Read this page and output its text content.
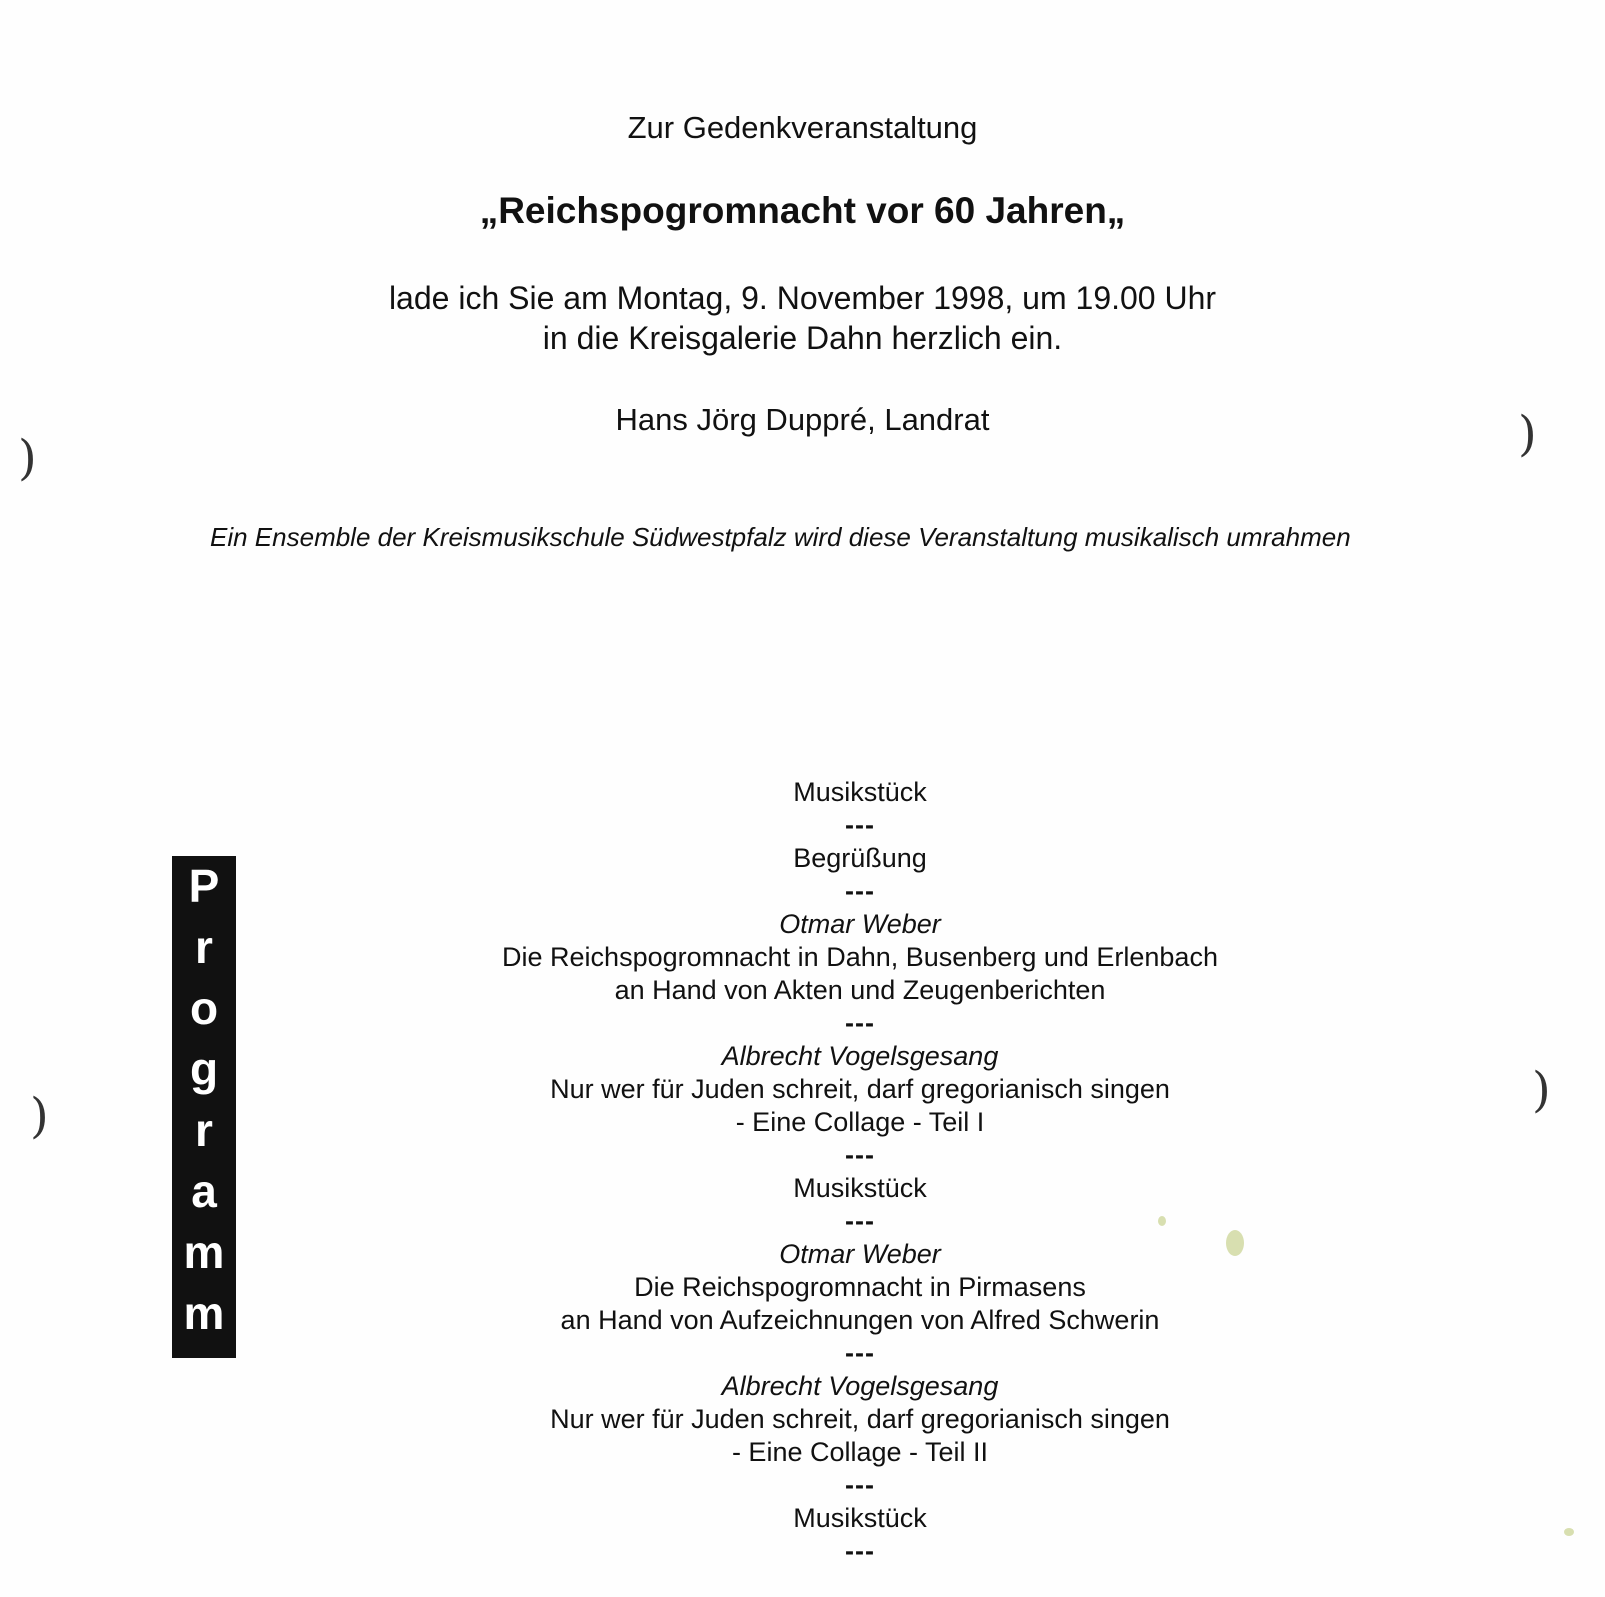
Zur Gedenkveranstaltung
„Reichspogromnacht vor 60 Jahren„
lade ich Sie am Montag, 9. November 1998, um 19.00 Uhr
in die Kreisgalerie Dahn herzlich ein.
Hans Jörg Duppré, Landrat
Ein Ensemble der Kreismusikschule Südwestpfalz wird diese Veranstaltung musikalisch umrahmen
P
r
o
g
r
a
m
m
Musikstück
---
Begrüßung
---
Otmar Weber
Die Reichspogromnacht in Dahn, Busenberg und Erlenbach
an Hand von Akten und Zeugenberichten
---
Albrecht Vogelsgesang
Nur wer für Juden schreit, darf gregorianisch singen
- Eine Collage - Teil I
---
Musikstück
---
Otmar Weber
Die Reichspogromnacht in Pirmasens
an Hand von Aufzeichnungen von Alfred Schwerin
---
Albrecht Vogelsgesang
Nur wer für Juden schreit, darf gregorianisch singen
- Eine Collage - Teil II
---
Musikstück
---
)
)
)
)
